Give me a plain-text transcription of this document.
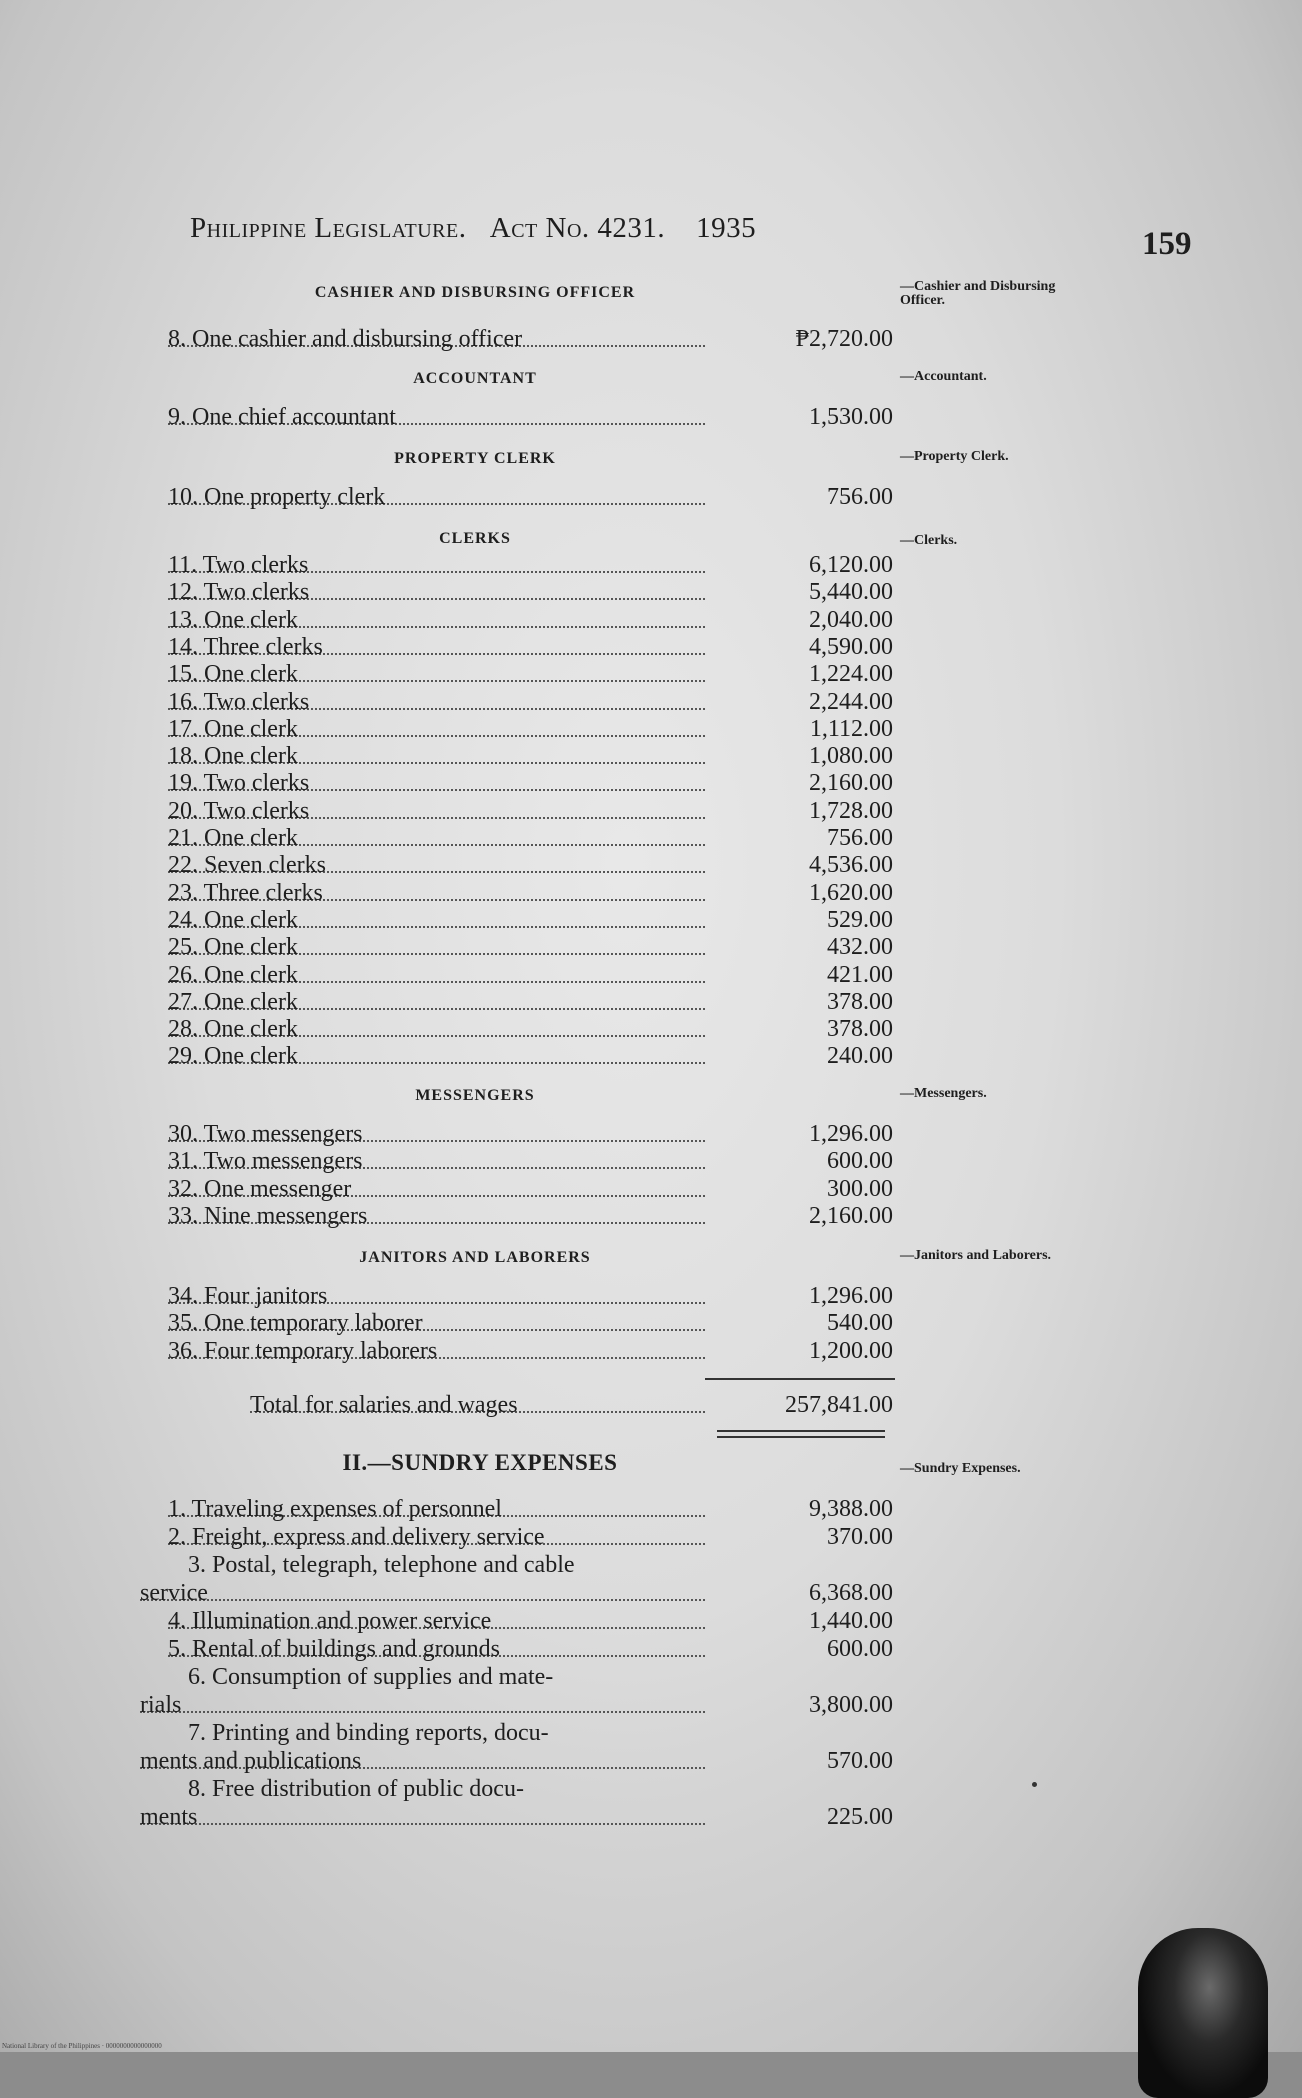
Philippine Legislature. Act No. 4231. 1935	159
CASHIER AND DISBURSING OFFICER	—Cashier and Disbursing Officer.
8. One cashier and disbursing officer	₱2,720.00
ACCOUNTANT	—Accountant.
9. One chief accountant	1,530.00
PROPERTY CLERK	—Property Clerk.
10. One property clerk	756.00
CLERKS	—Clerks.
11. Two clerks	6,120.00
12. Two clerks	5,440.00
13. One clerk	2,040.00
14. Three clerks	4,590.00
15. One clerk	1,224.00
16. Two clerks	2,244.00
17. One clerk	1,112.00
18. One clerk	1,080.00
19. Two clerks	2,160.00
20. Two clerks	1,728.00
21. One clerk	756.00
22. Seven clerks	4,536.00
23. Three clerks	1,620.00
24. One clerk	529.00
25. One clerk	432.00
26. One clerk	421.00
27. One clerk	378.00
28. One clerk	378.00
29. One clerk	240.00
MESSENGERS	—Messengers.
30. Two messengers	1,296.00
31. Two messengers	600.00
32. One messenger	300.00
33. Nine messengers	2,160.00
JANITORS AND LABORERS	—Janitors and Laborers.
34. Four janitors	1,296.00
35. One temporary laborer	540.00
36. Four temporary laborers	1,200.00
Total for salaries and wages	257,841.00
II.—SUNDRY EXPENSES	—Sundry Expenses.
1. Traveling expenses of personnel	9,388.00
2. Freight, express and delivery service	370.00
3. Postal, telegraph, telephone and cable
service	6,368.00
4. Illumination and power service	1,440.00
5. Rental of buildings and grounds	600.00
6. Consumption of supplies and mate-
rials	3,800.00
7. Printing and binding reports, docu-
ments and publications	570.00
8. Free distribution of public docu-
ments	225.00
National Library of the Philippines · 0000000000000000
